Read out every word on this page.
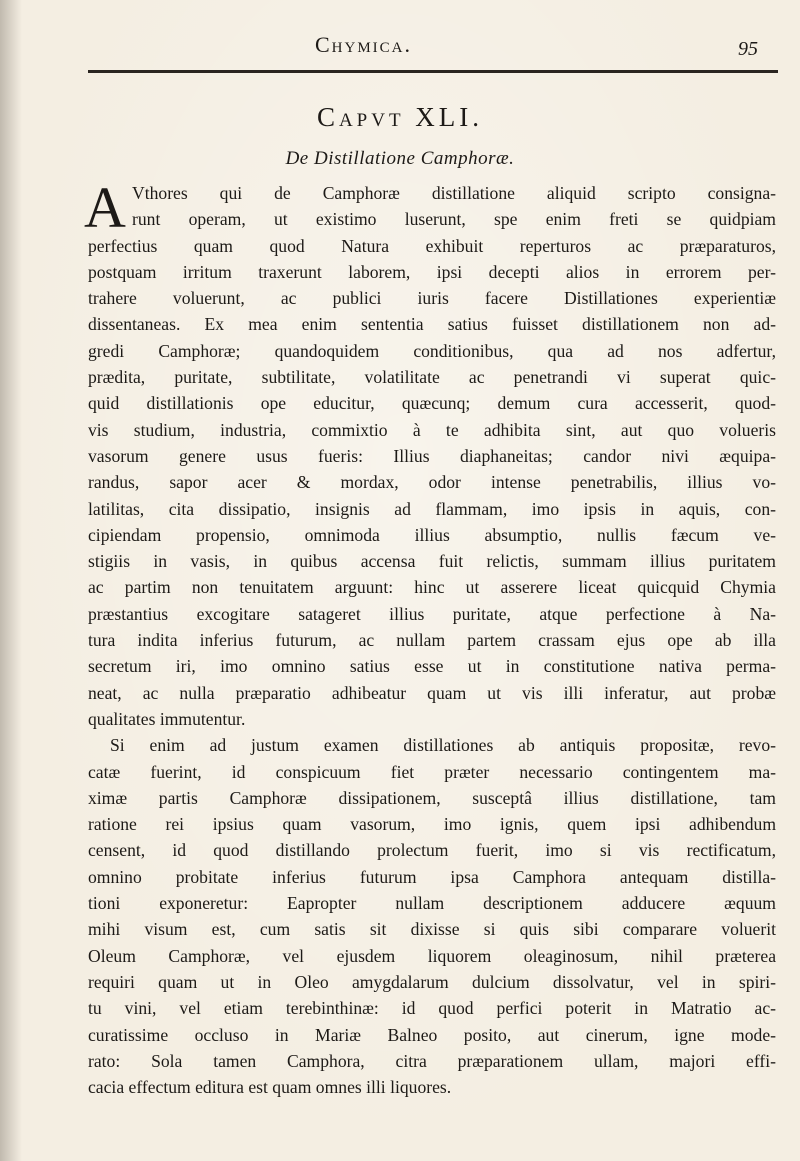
Chymica.	95
Capvt XLI.
De Distillatione Camphoræ.
A Vthores qui de Camphoræ distillatione aliquid scripto consigna-
runt operam, ut existimo luserunt, spe enim freti se quidpiam
perfectius quam quod Natura exhibuit reperturos ac præparaturos,
postquam irritum traxerunt laborem, ipsi decepti alios in errorem per-
trahere voluerunt, ac publici iuris facere Distillationes experientiæ
dissentaneas. Ex mea enim sententia satius fuisset distillationem non ad-
gredi Camphoræ; quandoquidem conditionibus, qua ad nos adfertur,
prædita, puritate, subtilitate, volatilitate ac penetrandi vi superat quic-
quid distillationis ope educitur, quæcunq; demum cura accesserit, quod-
vis studium, industria, commixtio à te adhibita sint, aut quo volueris
vasorum genere usus fueris: Illius diaphaneitas; candor nivi æquipa-
randus, sapor acer & mordax, odor intense penetrabilis, illius vo-
latilitas, cita dissipatio, insignis ad flammam, imo ipsis in aquis, con-
cipiendam propensio, omnimoda illius absumptio, nullis fæcum ve-
stigiis in vasis, in quibus accensa fuit relictis, summam illius puritatem
ac partim non tenuitatem arguunt: hinc ut asserere liceat quicquid Chymia
præstantius excogitare satageret illius puritate, atque perfectione à Na-
tura indita inferius futurum, ac nullam partem crassam ejus ope ab illa
secretum iri, imo omnino satius esse ut in constitutione nativa perma-
neat, ac nulla præparatio adhibeatur quam ut vis illi inferatur, aut probæ
qualitates immutentur.
Si enim ad justum examen distillationes ab antiquis propositæ, revo-
catæ fuerint, id conspicuum fiet præter necessario contingentem ma-
ximæ partis Camphoræ dissipationem, susceptâ illius distillatione, tam
ratione rei ipsius quam vasorum, imo ignis, quem ipsi adhibendum
censent, id quod distillando prolectum fuerit, imo si vis rectificatum,
omnino probitate inferius futurum ipsa Camphora antequam distilla-
tioni exponeretur: Eapropter nullam descriptionem adducere æquum
mihi visum est, cum satis sit dixisse si quis sibi comparare voluerit
Oleum Camphoræ, vel ejusdem liquorem oleaginosum, nihil præterea
requiri quam ut in Oleo amygdalarum dulcium dissolvatur, vel in spiri-
tu vini, vel etiam terebinthinæ: id quod perfici poterit in Matratio ac-
curatissime occluso in Mariæ Balneo posito, aut cinerum, igne mode-
rato: Sola tamen Camphora, citra præparationem ullam, majori effi-
cacia effectum editura est quam omnes illi liquores.
